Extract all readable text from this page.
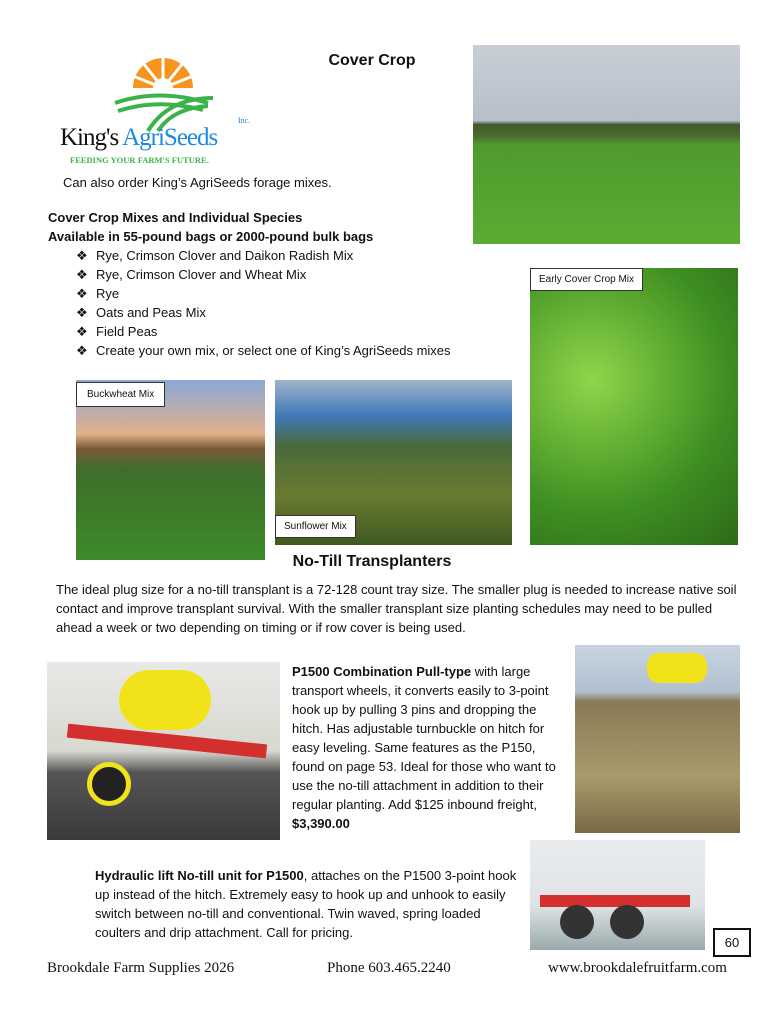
Cover Crop
Inc.
King's AgriSeeds
FEEDING YOUR FARM'S FUTURE.
Can also order King’s AgriSeeds forage mixes.
Cover Crop Mixes and Individual Species
Available in 55-pound bags or 2000-pound bulk bags
❖ Rye, Crimson Clover and Daikon Radish Mix
❖ Rye, Crimson Clover and Wheat Mix
❖ Rye
❖ Oats and Peas Mix
❖ Field Peas
❖ Create your own mix, or select one of King’s AgriSeeds mixes
Early Cover Crop Mix
Buckwheat Mix
Sunflower Mix
No-Till Transplanters
The ideal plug size for a no-till transplant is a 72-128 count tray size. The smaller plug is needed to increase native soil contact and improve transplant survival. With the smaller transplant size planting schedules may need to be pulled ahead a week or two depending on timing or if row cover is being used.
P1500 Combination Pull-type with large transport wheels, it converts easily to 3-point hook up by pulling 3 pins and dropping the hitch. Has adjustable turnbuckle on hitch for easy leveling. Same features as the P150, found on page 53. Ideal for those who want to use the no-till attachment in addition to their regular planting. Add $125 inbound freight,
$3,390.00
Hydraulic lift No-till unit for P1500, attaches on the P1500 3-point hook up instead of the hitch. Extremely easy to hook up and unhook to easily switch between no-till and conventional. Twin waved, spring loaded coulters and drip attachment. Call for pricing.
60
Brookdale Farm Supplies 2026	Phone 603.465.2240	www.brookdalefruitfarm.com
